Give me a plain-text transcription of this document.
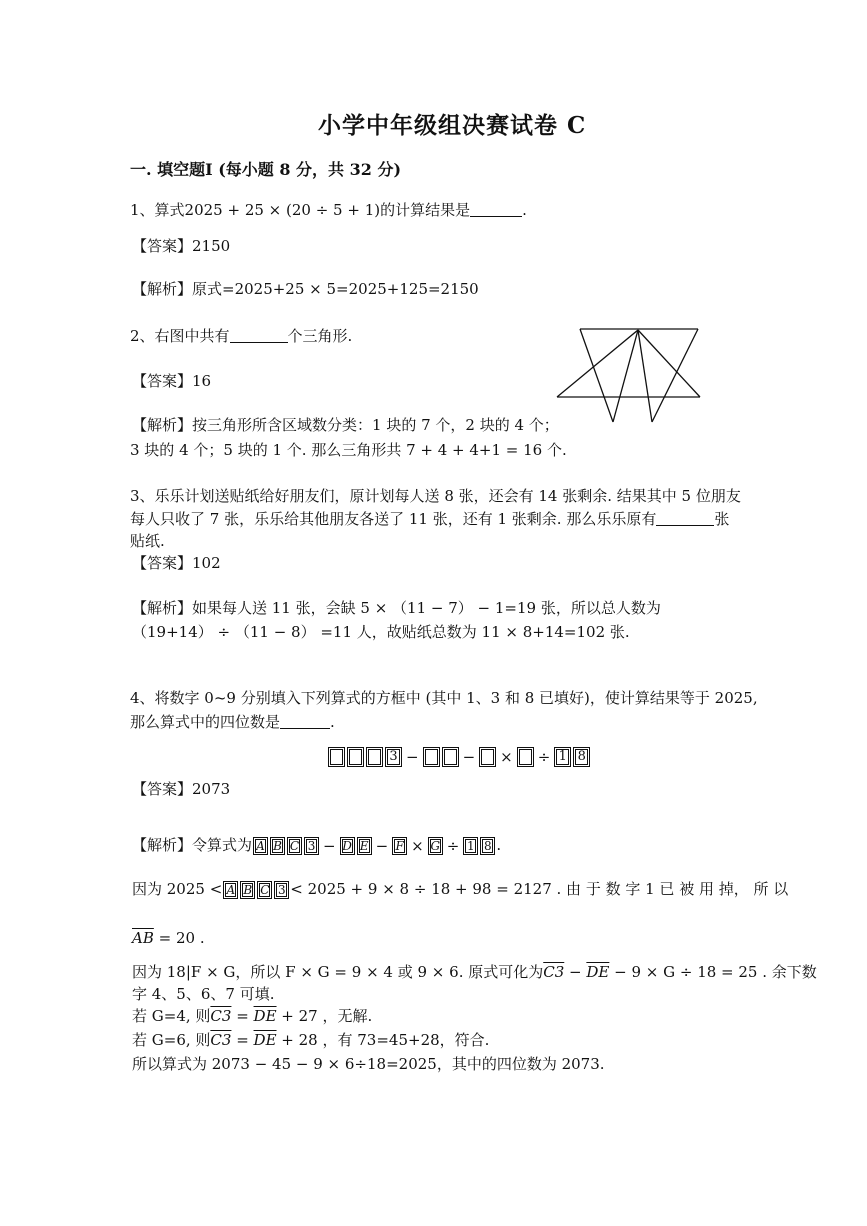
小学中年级组决赛试卷 C
一. 填空题Ⅰ (每小题 8 分，共 32 分)
1、算式2025 + 25 × (20 ÷ 5 + 1)的计算结果是	.
【答案】2150
【解析】原式=2025+25 × 5=2025+125=2150
2、右图中共有	个三角形.
【答案】16
【解析】按三角形所含区域数分类：1 块的 7 个，2 块的 4 个；
3 块的 4 个；5 块的 1 个. 那么三角形共 7 + 4 + 4+1 = 16 个.
3、乐乐计划送贴纸给好朋友们，原计划每人送 8 张，还会有 14 张剩余. 结果其中 5 位朋友
每人只收了 7 张，乐乐给其他朋友各送了 11 张，还有 1 张剩余. 那么乐乐原有	张
贴纸.
【答案】102
【解析】如果每人送 11 张，会缺 5 × （11 − 7） − 1=19 张，所以总人数为
（19+14） ÷ （11 − 8） =11 人，故贴纸总数为 11 × 8+14=102 张.
4、将数字 0~9 分别填入下列算式的方框中 (其中 1、3 和 8 已填好)，使计算结果等于 2025,
那么算式中的四位数是	.
3 −	− × ÷ 1 8
【答案】2073
【解析】令算式为 A B C 3 − D E − F × G ÷ 1 8 .
因为 2025 < A B C 3 < 2025 + 9 × 8 ÷ 18 + 98 = 2127 . 由 于 数 字 1 已 被 用 掉， 所 以
$\overline{AB} = 20$ .
因为 18|F × G，所以 F × G = 9 × 4 或 9 × 6. 原式可化为$C3 - \overline{DE} - 9 \times G \div 18 = 25$ . 余下数
字 4、5、6、7 可填.
若 G=4, 则$C3 = \overline{DE} + 27$ ，无解.
若 G=6, 则$C3 = \overline{DE} + 28$ ，有 73=45+28，符合.
所以算式为 2073 − 45 − 9 × 6÷18=2025，其中的四位数为 2073.
